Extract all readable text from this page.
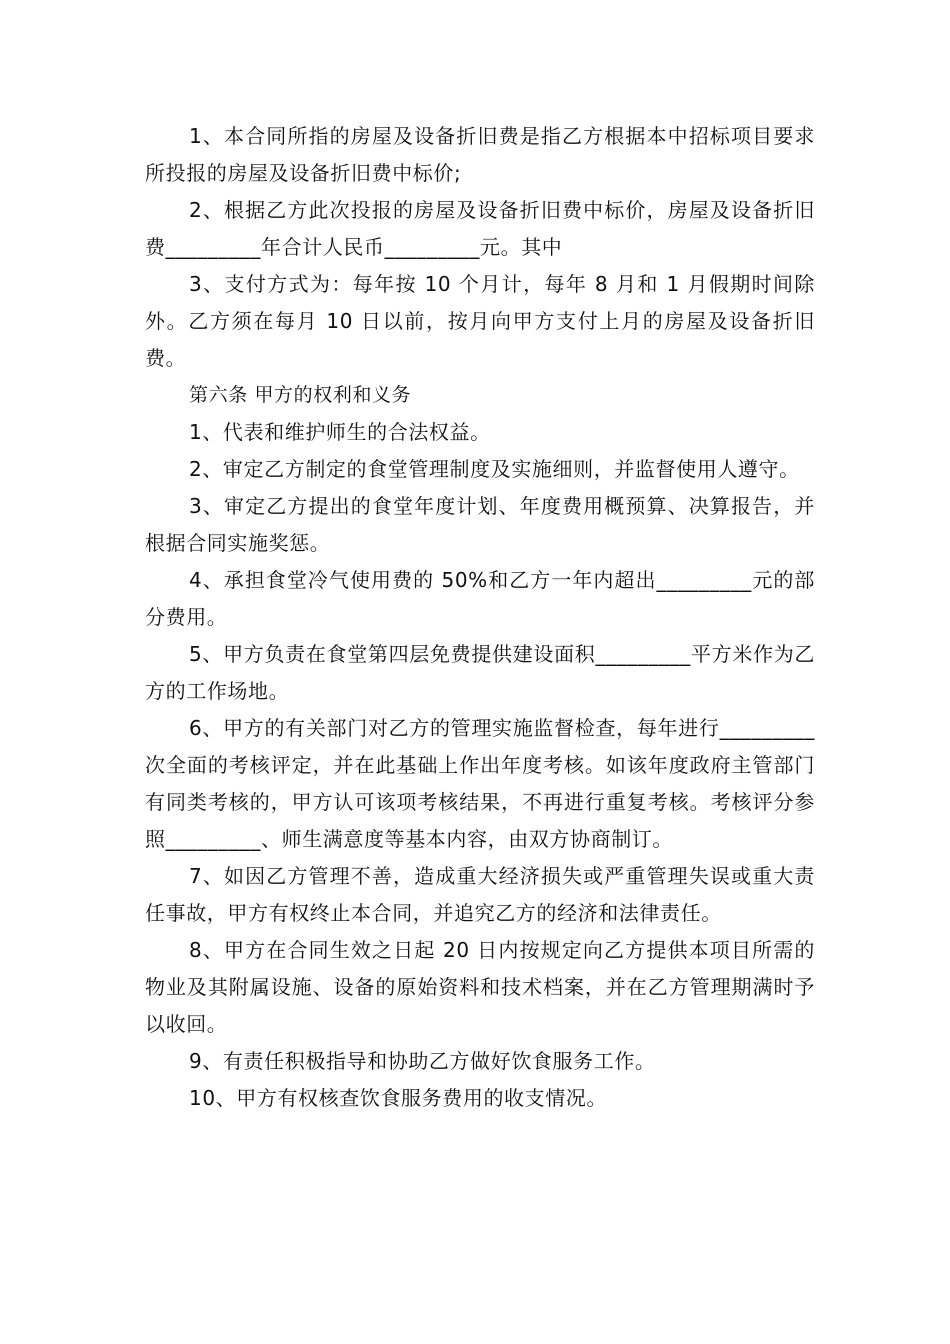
1、本合同所指的房屋及设备折旧费是指乙方根据本中招标项目要求所投报的房屋及设备折旧费中标价;

2、根据乙方此次投报的房屋及设备折旧费中标价，房屋及设备折旧费_________年合计人民币_________元。其中

3、支付方式为：每年按 10 个月计，每年 8 月和 1 月假期时间除外。乙方须在每月 10 日以前，按月向甲方支付上月的房屋及设备折旧费。

第六条 甲方的权利和义务

1、代表和维护师生的合法权益。

2、审定乙方制定的食堂管理制度及实施细则，并监督使用人遵守。

3、审定乙方提出的食堂年度计划、年度费用概预算、决算报告，并根据合同实施奖惩。

4、承担食堂冷气使用费的 50%和乙方一年内超出_________元的部分费用。

5、甲方负责在食堂第四层免费提供建设面积_________平方米作为乙方的工作场地。

6、甲方的有关部门对乙方的管理实施监督检查，每年进行_________次全面的考核评定，并在此基础上作出年度考核。如该年度政府主管部门有同类考核的，甲方认可该项考核结果，不再进行重复考核。考核评分参照_________、师生满意度等基本内容，由双方协商制订。

7、如因乙方管理不善，造成重大经济损失或严重管理失误或重大责任事故，甲方有权终止本合同，并追究乙方的经济和法律责任。

8、甲方在合同生效之日起 20 日内按规定向乙方提供本项目所需的物业及其附属设施、设备的原始资料和技术档案，并在乙方管理期满时予以收回。

9、有责任积极指导和协助乙方做好饮食服务工作。

10、甲方有权核查饮食服务费用的收支情况。
